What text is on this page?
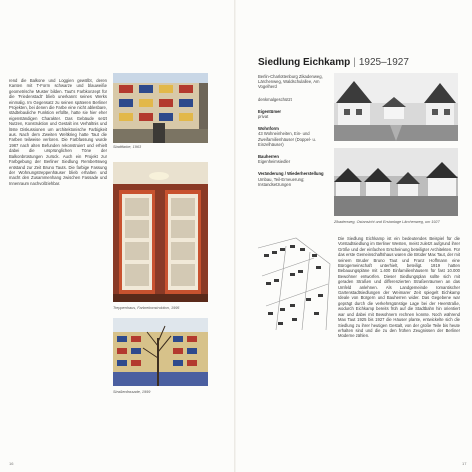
rend die Balkone und Loggien gewölbt, deren Kanten mit T-Form schwarze und blauweiße geometrische Muster bilden. Taut's Farbkonzept für die 'Friedenstadt' blieb unerkannt seines Werks einmalig. Im Gegensatz zu seinen späteren Berliner Projekten, bei denen die Farbe eine nicht ablesbare, städtebauliche Funktion erfüllte, hatte sie hier eher eigenständigen Charakter. Das Gebäude setzt Nutzen, Konstruktion und Gestalt ins Verhältnis und löste Diskussionen um architektonische Farbigkeit aus. Nach dem Zweiten Weltkrieg hatte Taut die Farben teilweise verloren. Die Farbfassung wurde 1987 nach alten Befunden rekonstruiert und erhielt dabei die ursprünglichen Töne der Balkonbrüstungen zurück. Auch ein Projekt zur Farbgebung der Berliner Siedlung Rembertsweg entstand zur Zeit Bruno Tauts. Die farbige Fassung der Wohnungstreppenhäuser blieb erhalten und macht den Zusammenhang zwischen Fassade und Innenraum nachvollziehbar.
Stadtfarbe, 1963
Treppenhaus, Farbrekonstruktion, 1995
Straßenfassade, 1999
16
Siedlung Eichkamp | 1925–1927
Berlin-Charlottenburg Zikadenweg, Lärchenweg, Waldschulallee, Am Vogelherd
denkmalgeschützt
Eigentümer
privat
Wohnform
43 Wohneinheiten, Ein- und Zweifamilienhäuser (Doppel- u. Einzelhäuser)
Bauherren
Eigenheimsiedler
Veränderung / Wiederherstellung
Umbau, Teil-Erneuerung; Instandsetzungen
Zikadenweg, Ostansicht und Erstanlage Lärchenweg, um 1927
Die Siedlung Eichkamp ist ein bedeutendes Beispiel für die Vorstadtsiedlung im Berliner Westen, meist zuletzt aufgrund ihrer Größe und der einfachen Erscheinung beteiligter Architekten. Für das erste Gemeinschaftshaus waren die Brüder Max Taut, der mit seinem Bruder Bruno Taut und Franz Hoffmann eine Bürogemeinschaft unterhielt, beteiligt. 1919 hatten Bebauungspläne mit 1.400 Einfamilienhäusern für fast 10.000 Bewohner entworfen. Dieser Siedlungsplan sollte sich mit geraden Straßen und differenzierten Straßenräumen an das Umfeld anlehnen. Als Landgemeinde romantischer Gartenstadtsiedlungen der Weimarer Zeit spiegelt Eichkamp Ideale von Bürgern und Bauherren wider. Das Gegebene war geprägt durch die verkehrsgünstige Lage bei der Heerstraße, wodurch Eichkamp bereits früh auf die Stadtbahn hin orientiert war und dabei mit Bewohnern rechnen konnte. Noch während Max Taut 1925 bis 1927 die Häuser plante, entwickelte sich die Siedlung zu ihrer heutigen Gestalt, von der große Teile bis heute erhalten sind und die zu den frühen Zeugnissen der Berliner Moderne zählen.
17
